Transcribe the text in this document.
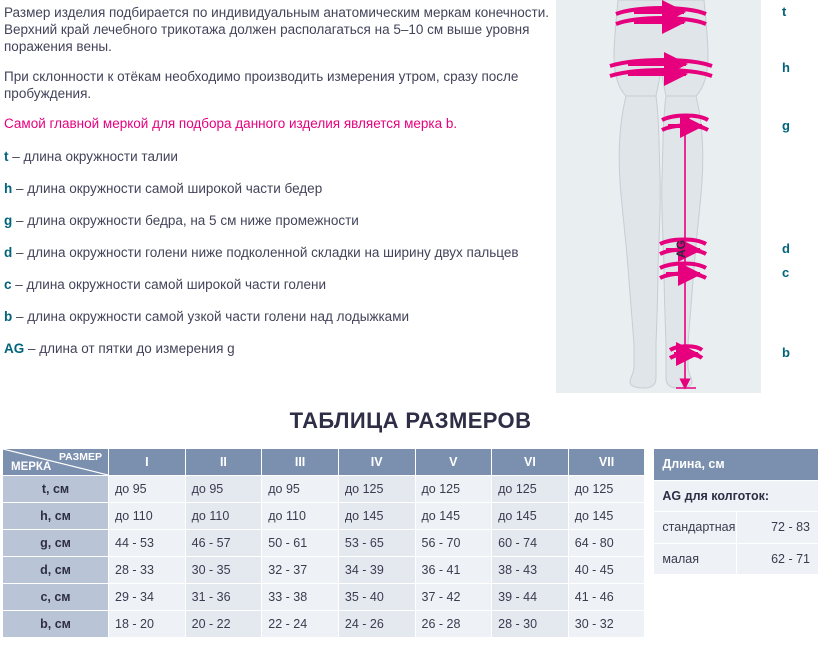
Размер изделия подбирается по индивидуальным анатомическим меркам конечности. Верхний край лечебного трикотажа должен располагаться на 5–10 см выше уровня поражения вены.

При склонности к отёкам необходимо производить измерения утром, сразу после пробуждения.

Самой главной меркой для подбора данного изделия является мерка b.

t – длина окружности талии

h – длина окружности самой широкой части бедер

g – длина окружности бедра, на 5 см ниже промежности

d – длина окружности голени ниже подколенной складки на ширину двух пальцев

c – длина окружности самой широкой части голени

b – длина окружности самой узкой части голени над лодыжками

AG – длина от пятки до измерения g

AG
t
h
g
d
c
b
ТАБЛИЦА РАЗМЕРОВ
РАЗМЕР
МЕРКА	I	II	III	IV	V	VI	VII
t, см	до 95	до 95	до 95	до 125	до 125	до 125	до 125
h, см	до 110	до 110	до 110	до 145	до 145	до 145	до 145
g, см	44 - 53	46 - 57	50 - 61	53 - 65	56 - 70	60 - 74	64 - 80
d, см	28 - 33	30 - 35	32 - 37	34 - 39	36 - 41	38 - 43	40 - 45
c, см	29 - 34	31 - 36	33 - 38	35 - 40	37 - 42	39 - 44	41 - 46
b, см	18 - 20	20 - 22	22 - 24	24 - 26	26 - 28	28 - 30	30 - 32
Длина, см	
AG для колготок:	
стандартная	72 - 83
малая	62 - 71
